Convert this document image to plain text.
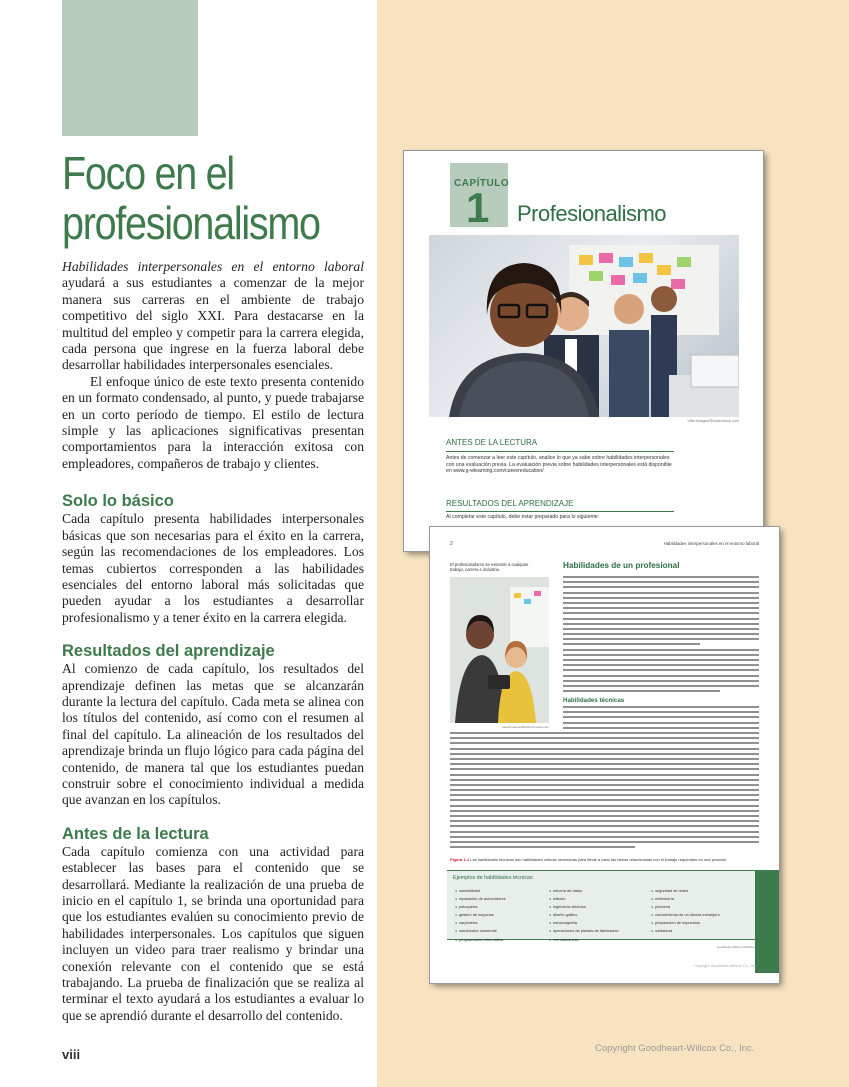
Foco en el
profesionalismo

Habilidades interpersonales en el entorno laboral ayudará a sus estudiantes a comenzar de la mejor manera sus carreras en el ambiente de trabajo competitivo del siglo XXI. Para destacarse en la multitud del empleo y competir para la carrera elegida, cada persona que ingrese en la fuerza laboral debe desarrollar habilidades interpersonales esenciales.

El enfoque único de este texto presenta contenido en un formato condensado, al punto, y puede trabajarse en un corto período de tiempo. El estilo de lectura simple y las aplicaciones significativas presentan comportamientos para la interacción exitosa con empleadores, compañeros de trabajo y clientes.

Solo lo básico

Cada capítulo presenta habilidades interpersonales básicas que son necesarias para el éxito en la carrera, según las recomendaciones de los empleadores. Los temas cubiertos corresponden a las habilidades esenciales del entorno laboral más solicitadas que pueden ayudar a los estudiantes a desarrollar profesionalismo y a tener éxito en la carrera elegida.

Resultados del aprendizaje

Al comienzo de cada capítulo, los resultados del aprendizaje definen las metas que se alcanzarán durante la lectura del capítulo. Cada meta se alinea con los títulos del contenido, así como con el resumen al final del capítulo. La alineación de los resultados del aprendizaje brinda un flujo lógico para cada página del contenido, de manera tal que los estudiantes puedan construir sobre el conocimiento individual a medida que avanzan en los capítulos.

Antes de la lectura

Cada capítulo comienza con una actividad para establecer las bases para el contenido que se desarrollará. Mediante la realización de una prueba de inicio en el capítulo 1, se brinda una oportunidad para que los estudiantes evalúen su conocimiento previo de habilidades interpersonales. Los capítulos que siguen incluyen un video para traer realismo y brindar una conexión relevante con el contenido que se está trabajando. La prueba de finalización que se realiza al terminar el texto ayudará a los estudiantes a evaluar lo que se aprendió durante el desarrollo del contenido.

viii	Copyright Goodheart-Willcox Co., Inc.
CAPÍTULO
1 Profesionalismo
Viter Images/Shutterstock.com
ANTES DE LA LECTURA
Antes de comenzar a leer este capítulo, analice lo que ya sabe sobre habilidades interpersonales con una evaluación previa. La evaluación previa sobre habilidades interpersonales está disponible en www.g-wlearning.com/careereducation/
RESULTADOS DEL APRENDIZAJE
Al completar este capítulo, debe estar preparado para lo siguiente:
2	Habilidades interpersonales en el entorno laboral
El profesionalismo se extiende a cualquier trabajo, carrera e industria.
wavebreakmedia/Shutterstock.com
Habilidades de un profesional
Habilidades técnicas
Figura 1-1 Las habilidades técnicas son habilidades críticas necesarias para llevar a cabo las tareas relacionadas con el trabajo requeridas en una posición.
Ejemplos de habilidades técnicas
●  contabilidad
●  reparación de automotores
●  peluquería
●  gestión de negocios
●  carpintería
●  conducción comercial
●  programación informática
●  minería de datos
●  edición
●  ingeniería eléctrica
●  diseño gráfico
●  mecanografía
●  operaciones de plantas de fabricación
●  mercadotecnia
●  seguridad de redes
●  enfermería
●  plomería
●  conocimiento de un idioma extranjero
●  preparación de impuestos
●  soldadura
Goodheart-Willcox Publisher
Copyright Goodheart-Willcox Co., Inc.
